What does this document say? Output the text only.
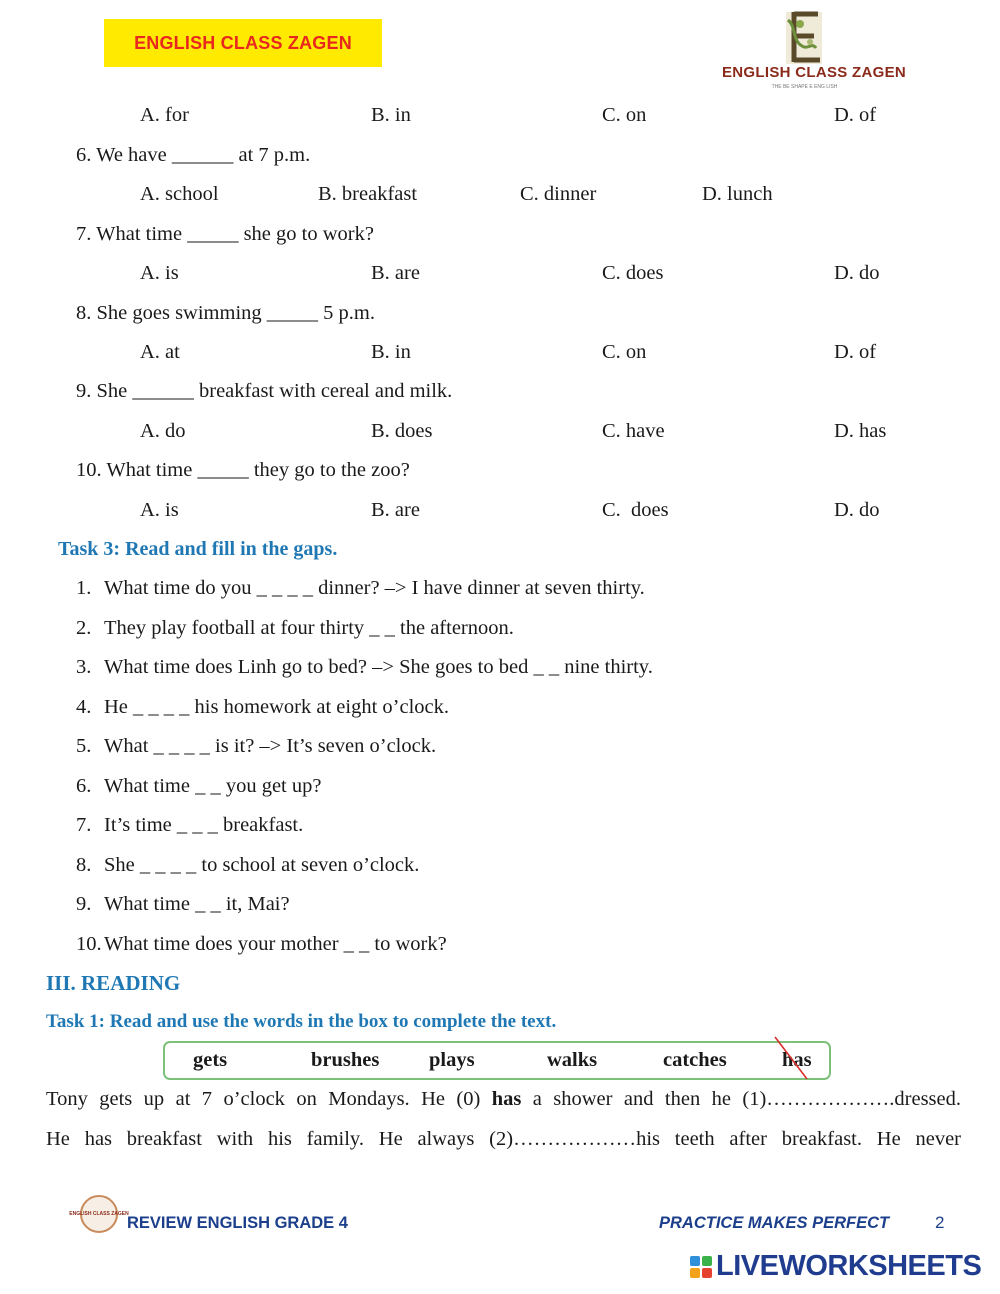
ENGLISH CLASS ZAGEN
ENGLISH CLASS ZAGEN
THE BE SHAPE E ENG LISH
A. for	B. in	C. on	D. of
6. We have ______ at 7 p.m.
A. school	B. breakfast	C. dinner	D. lunch
7. What time _____ she go to work?
A. is	B. are	C. does	D. do
8. She goes swimming _____ 5 p.m.
A. at	B. in	C. on	D. of
9. She ______ breakfast with cereal and milk.
A. do	B. does	C. have	D. has
10. What time _____ they go to the zoo?
A. is	B. are	C.  does	D. do
Task 3: Read and fill in the gaps.
1. What time do you _ _ _ _ dinner? –> I have dinner at seven thirty.
2. They play football at four thirty _ _ the afternoon.
3. What time does Linh go to bed? –> She goes to bed _ _ nine thirty.
4. He _ _ _ _ his homework at eight o’clock.
5. What _ _ _ _ is it? –> It’s seven o’clock.
6. What time _ _ you get up?
7. It’s time _ _ _ breakfast.
8. She _ _ _ _ to school at seven o’clock.
9. What time _ _ it, Mai?
10. What time does your mother _ _ to work?
III. READING
Task 1: Read and use the words in the box to complete the text.
gets	brushes plays	walks	catches	has
Tony gets up at 7 o’clock on Mondays. He (0) has a shower and then he (1)……………….dressed.
He has breakfast with his family. He always (2)………………his teeth after breakfast. He never
ENGLISH CLASS ZAGEN
REVIEW ENGLISH GRADE 4	PRACTICE MAKES PERFECT	2
LIVEWORKSHEETS
